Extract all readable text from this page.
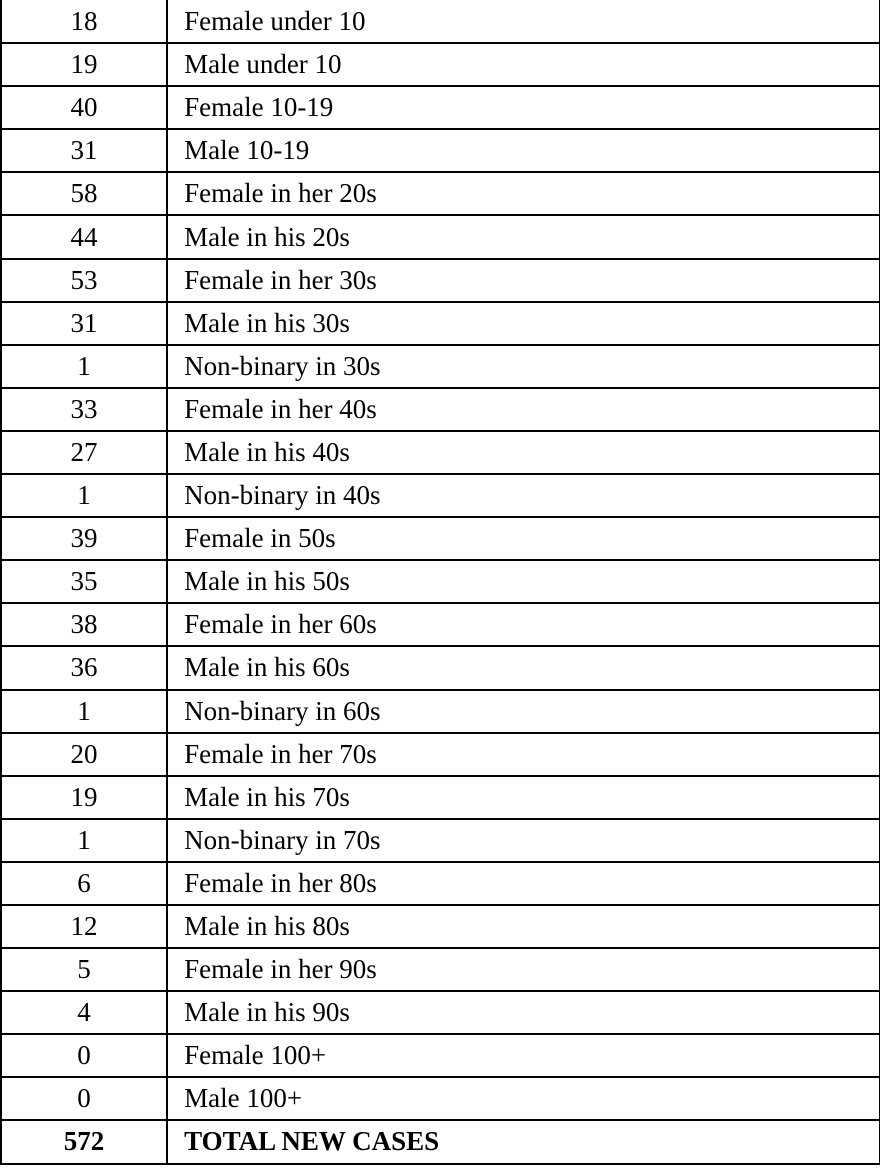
18	Female under 10
19	Male under 10
40	Female 10-19
31	Male 10-19
58	Female in her 20s
44	Male in his 20s
53	Female in her 30s
31	Male in his 30s
1	Non-binary in 30s
33	Female in her 40s
27	Male in his 40s
1	Non-binary in 40s
39	Female in 50s
35	Male in his 50s
38	Female in her 60s
36	Male in his 60s
1	Non-binary in 60s
20	Female in her 70s
19	Male in his 70s
1	Non-binary in 70s
6	Female in her 80s
12	Male in his 80s
5	Female in her 90s
4	Male in his 90s
0	Female 100+
0	Male 100+
572	TOTAL NEW CASES
